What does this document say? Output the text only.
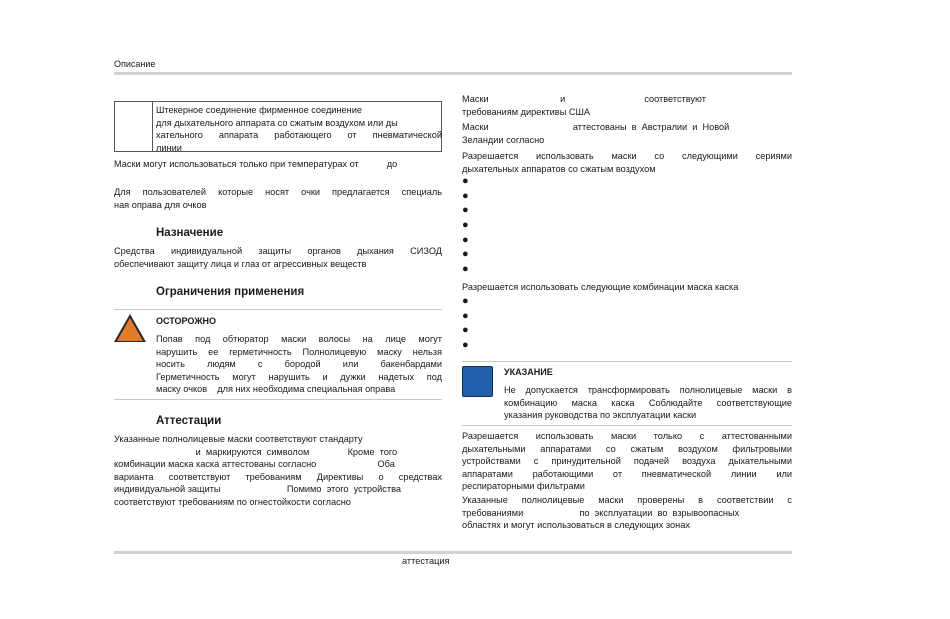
Описание
Штекерное соединение фирменное соединение
для дыхательного аппарата со сжатым воздухом или ды
хательного аппарата работающего от пневматической
линии
Маски могут использоваться только при температурах от           до
Для пользователей которые носят очки предлагается специаль
ная оправа для очков
Назначение
Средства индивидуальной защиты органов дыхания СИЗОД
обеспечивают защиту лица и глаз от агрессивных веществ
Ограничения применения
ОСТОРОЖНО
Попав под обтюратор маски волосы на лице могут
нарушить ее герметичность Полнолицевую маску нельзя
носить       людям       с       бородой       или       бакенбардами
Герметичность могут нарушить и дужки надетых под
маску очков    для них необходима специальная оправа
Аттестации
Указанные полнолицевые маски соответствуют стандарту
и  маркируются  символом               Кроме  того
комбинации маска каска аттестованы согласно                        Оба
варианта соответствуют требованиям Директивы о средствах
индивидуальной защиты                          Помимо  этого  устройства
соответствуют требованиям по огнестойкости согласно
Маски                            и                               соответствуют
требованиям директивы США
Маски                                 аттестованы  в  Австралии  и  Новой
Зеландии согласно
Разрешается использовать маски со следующими сериями
дыхательных аппаратов со сжатым воздухом
●
●
●
●
●
●
●
Разрешается использовать следующие комбинации маска каска
●
●
●
●
УКАЗАНИЕ
Не допускается трансформировать полнолицевые маски в
комбинацию маска каска Соблюдайте соответствующие
указания руководства по эксплуатации каски
Разрешается использовать маски только с аттестованными
дыхательными аппаратами со сжатым воздухом фильтровыми
устройствами с принудительной подачей воздуха дыхательными
аппаратами   работающими   от   пневматической   линии   или
респираторными фильтрами
Указанные полнолицевые маски проверены в соответствии с
требованиями                      по  эксплуатации  во  взрывоопасных
областях и могут использоваться в следующих зонах
аттестация
